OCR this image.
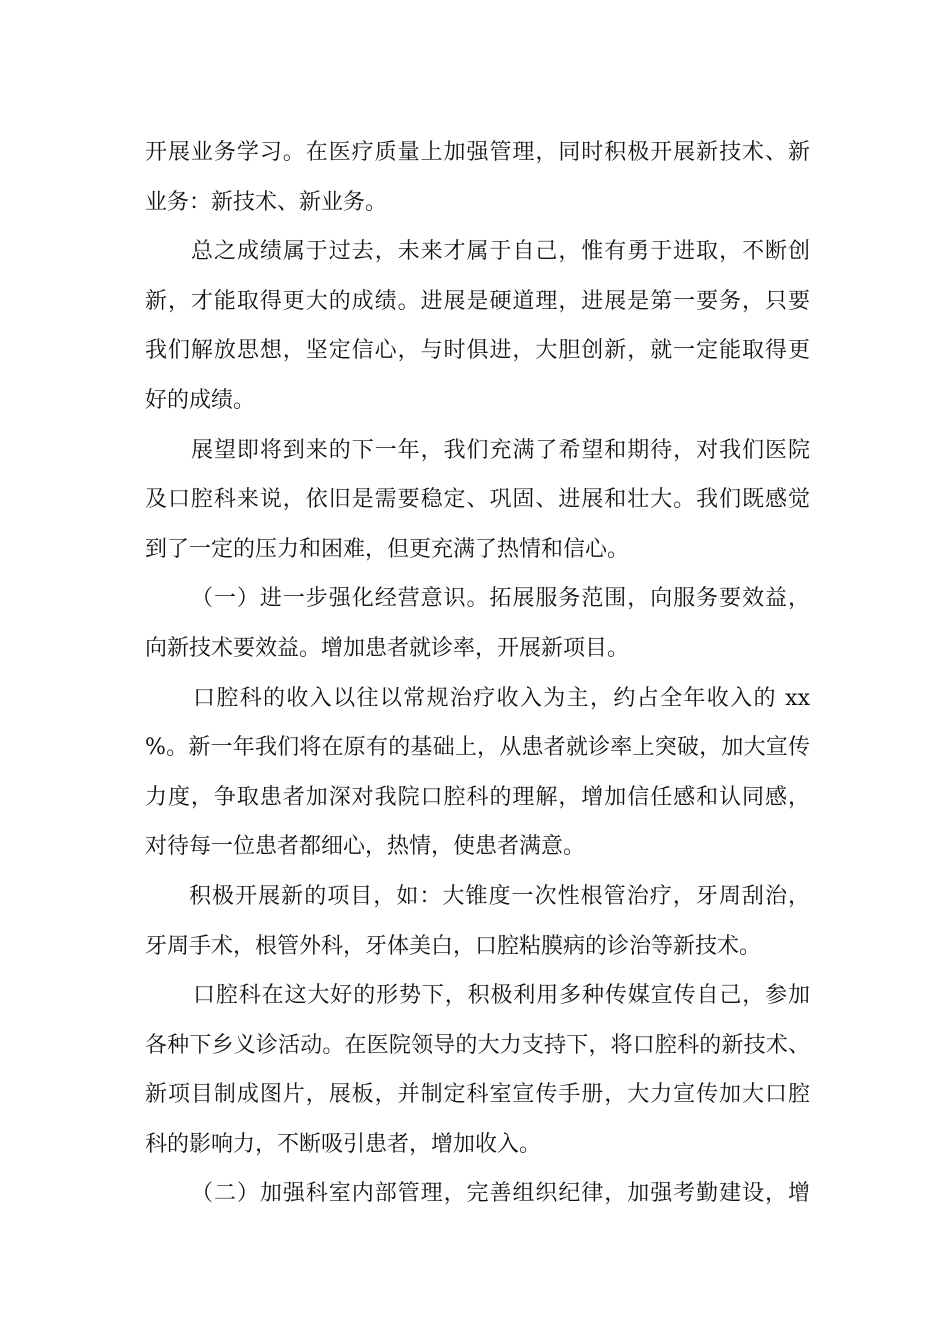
开展业务学习。在医疗质量上加强管理，同时积极开展新技术、新
业务：新技术、新业务。
总之成绩属于过去，未来才属于自己，惟有勇于进取，不断创
新，才能取得更大的成绩。进展是硬道理，进展是第一要务，只要
我们解放思想，坚定信心，与时俱进，大胆创新，就一定能取得更
好的成绩。
展望即将到来的下一年，我们充满了希望和期待，对我们医院
及口腔科来说，依旧是需要稳定、巩固、进展和壮大。我们既感觉
到了一定的压力和困难，但更充满了热情和信心。
（一）进一步强化经营意识。拓展服务范围，向服务要效益，
向新技术要效益。增加患者就诊率，开展新项目。
口腔科的收入以往以常规治疗收入为主，约占全年收入的 xx
%。新一年我们将在原有的基础上，从患者就诊率上突破，加大宣传
力度，争取患者加深对我院口腔科的理解，增加信任感和认同感，
对待每一位患者都细心，热情，使患者满意。
积极开展新的项目，如：大锥度一次性根管治疗，牙周刮治，
牙周手术，根管外科，牙体美白，口腔粘膜病的诊治等新技术。
口腔科在这大好的形势下，积极利用多种传媒宣传自己，参加
各种下乡义诊活动。在医院领导的大力支持下，将口腔科的新技术、
新项目制成图片，展板，并制定科室宣传手册，大力宣传加大口腔
科的影响力，不断吸引患者，增加收入。
（二）加强科室内部管理，完善组织纪律，加强考勤建设，增
